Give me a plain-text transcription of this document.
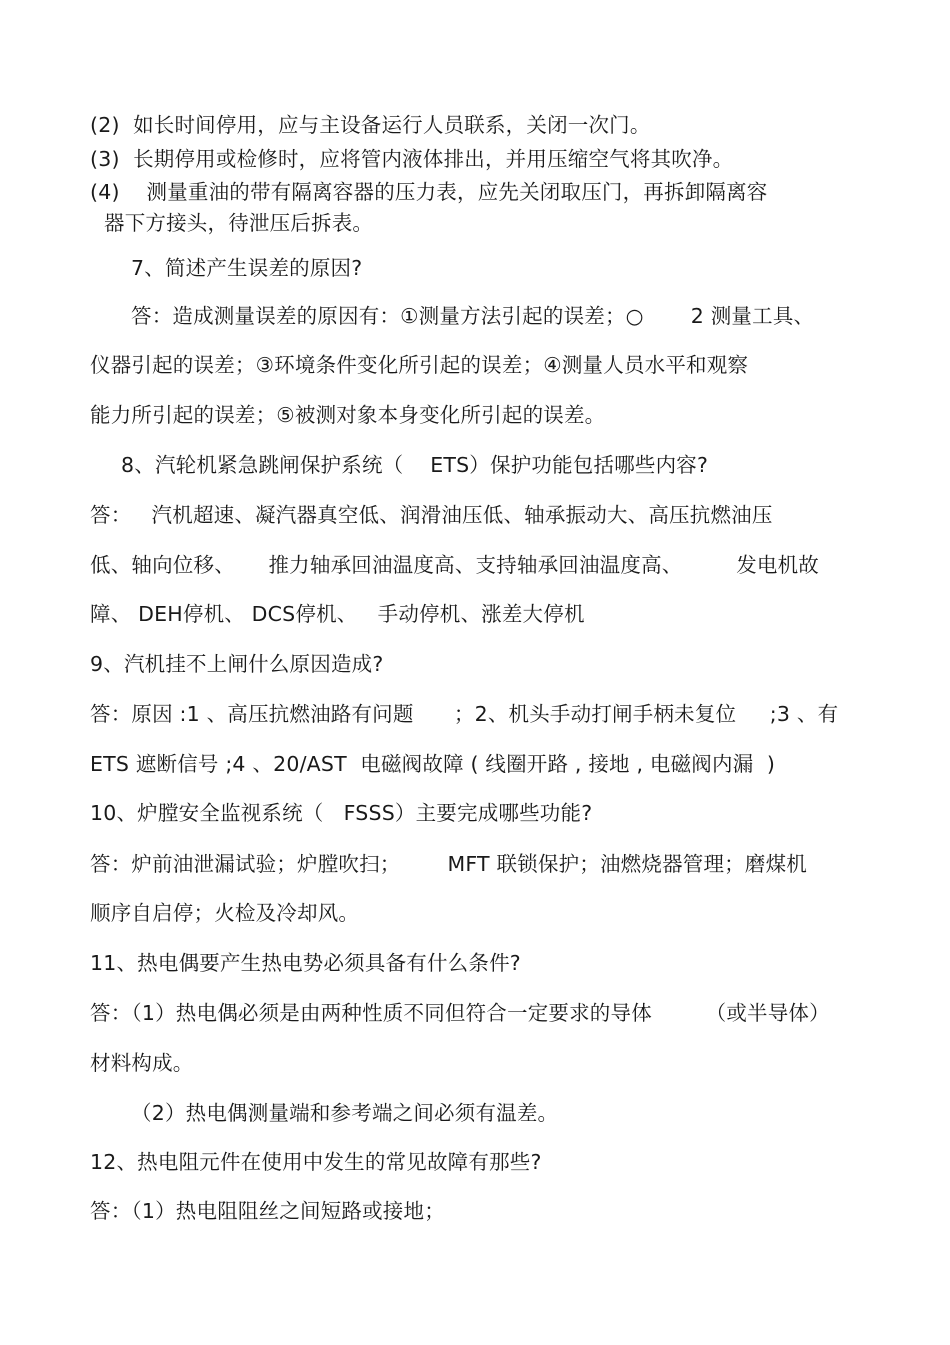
(2)  如长时间停用，应与主设备运行人员联系，关闭一次门。
(3)  长期停用或检修时，应将管内液体排出，并用压缩空气将其吹净。
(4)    测量重油的带有隔离容器的压力表，应先关闭取压门，再拆卸隔离容
器下方接头，待泄压后拆表。
7、简述产生误差的原因?
答：造成测量误差的原因有：①测量方法引起的误差；○       2 测量工具、
仪器引起的误差；③环境条件变化所引起的误差；④测量人员水平和观察
能力所引起的误差；⑤被测对象本身变化所引起的误差。
8、汽轮机紧急跳闸保护系统（    ETS）保护功能包括哪些内容?
答：   汽机超速、凝汽器真空低、润滑油压低、轴承振动大、高压抗燃油压
低、轴向位移、     推力轴承回油温度高、支持轴承回油温度高、        发电机故
障、 DEH停机、 DCS停机、   手动停机、涨差大停机
9、汽机挂不上闸什么原因造成?
答：原因 :1 、高压抗燃油路有问题      ；2、机头手动打闸手柄未复位     ;3 、有
ETS 遮断信号 ;4 、20/AST  电磁阀故障 ( 线圈开路 , 接地 , 电磁阀内漏  )
10、炉膛安全监视系统（   FSSS）主要完成哪些功能?
答：炉前油泄漏试验；炉膛吹扫；       MFT 联锁保护；油燃烧器管理；磨煤机
顺序自启停；火检及冷却风。
11、热电偶要产生热电势必须具备有什么条件?
答：（1）热电偶必须是由两种性质不同但符合一定要求的导体        （或半导体）
材料构成。
（2）热电偶测量端和参考端之间必须有温差。
12、热电阻元件在使用中发生的常见故障有那些?
答：（1）热电阻阻丝之间短路或接地；
